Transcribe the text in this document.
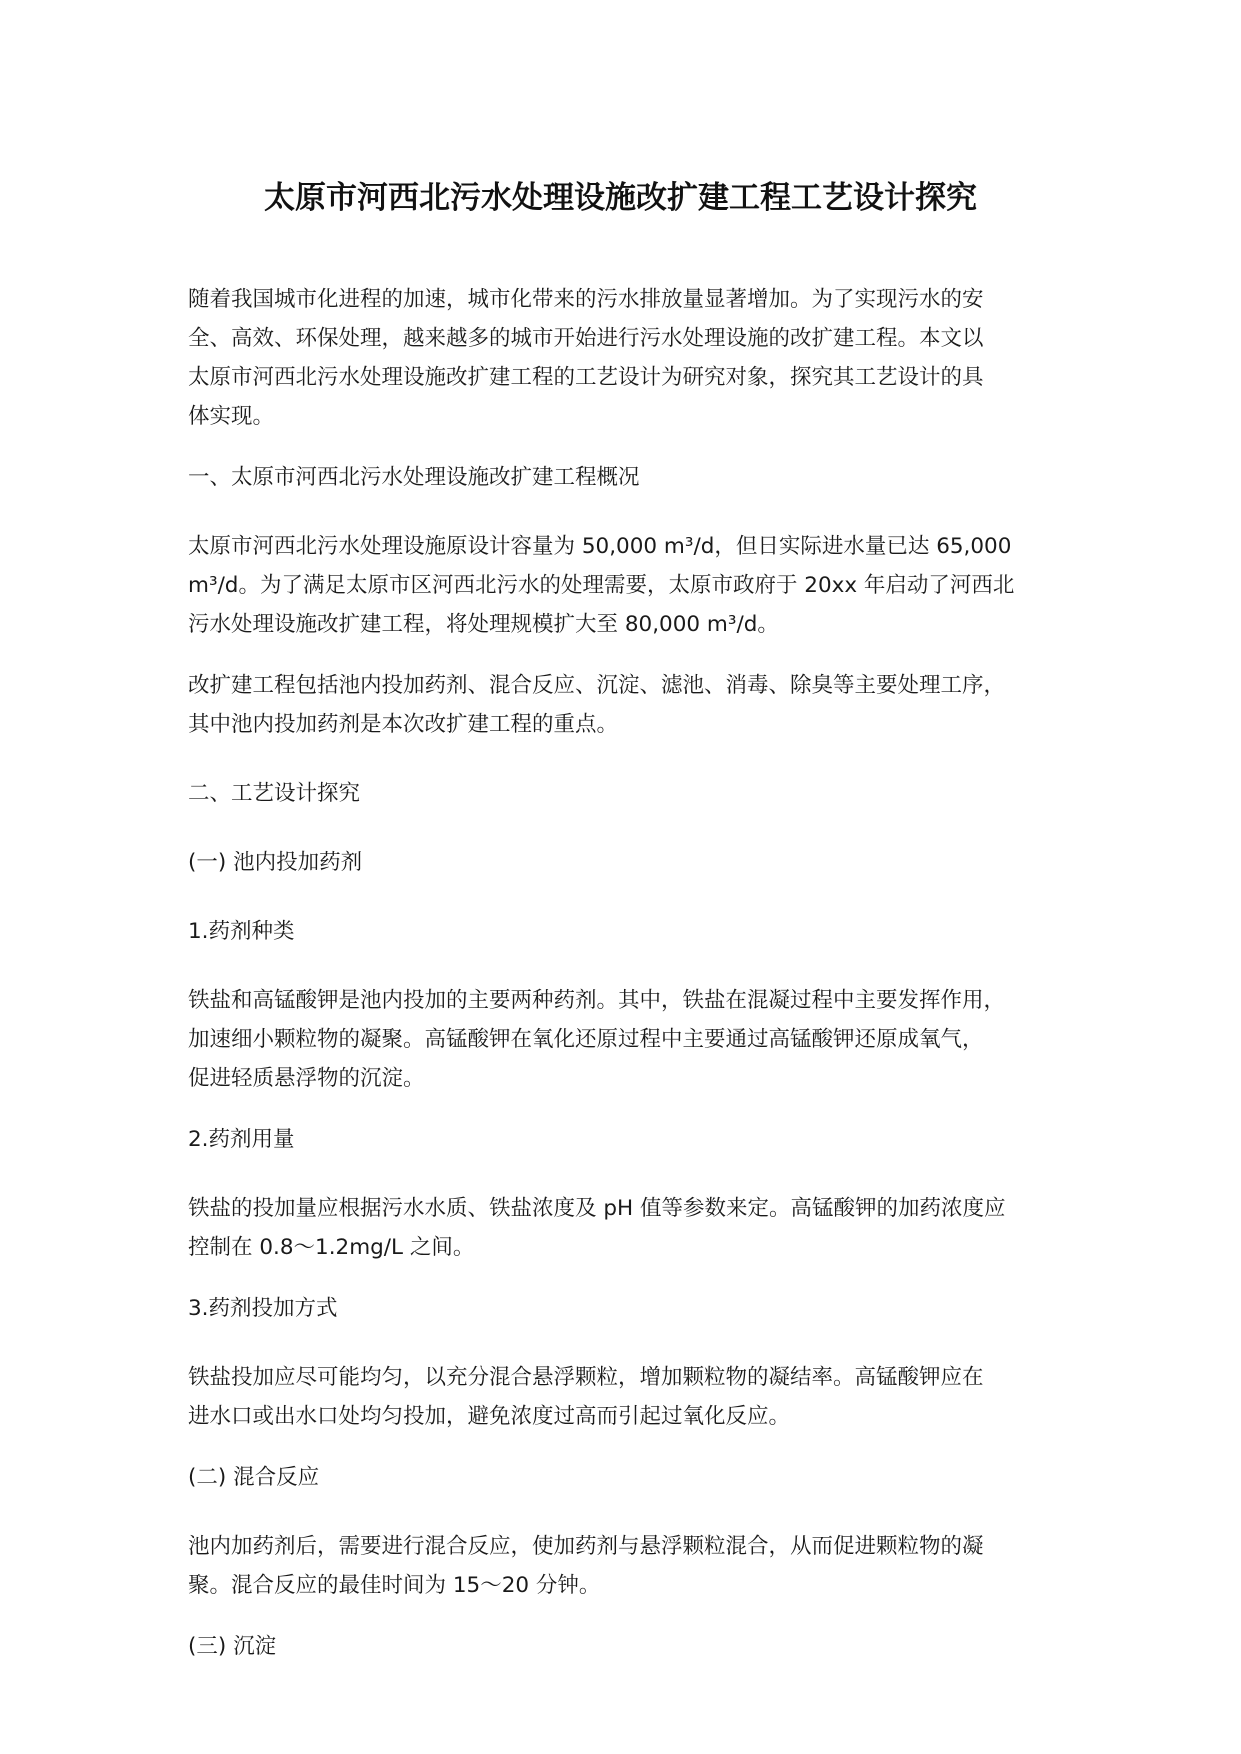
太原市河西北污水处理设施改扩建工程工艺设计探究

随着我国城市化进程的加速，城市化带来的污水排放量显著增加。为了实现污水的安
全、高效、环保处理，越来越多的城市开始进行污水处理设施的改扩建工程。本文以
太原市河西北污水处理设施改扩建工程的工艺设计为研究对象，探究其工艺设计的具
体实现。

一、太原市河西北污水处理设施改扩建工程概况

太原市河西北污水处理设施原设计容量为 50,000 m³/d，但日实际进水量已达 65,000
m³/d。为了满足太原市区河西北污水的处理需要，太原市政府于 20xx 年启动了河西北
污水处理设施改扩建工程，将处理规模扩大至 80,000 m³/d。

改扩建工程包括池内投加药剂、混合反应、沉淀、滤池、消毒、除臭等主要处理工序，
其中池内投加药剂是本次改扩建工程的重点。

二、工艺设计探究

(一) 池内投加药剂

1.药剂种类

铁盐和高锰酸钾是池内投加的主要两种药剂。其中，铁盐在混凝过程中主要发挥作用，
加速细小颗粒物的凝聚。高锰酸钾在氧化还原过程中主要通过高锰酸钾还原成氧气，
促进轻质悬浮物的沉淀。

2.药剂用量

铁盐的投加量应根据污水水质、铁盐浓度及 pH 值等参数来定。高锰酸钾的加药浓度应
控制在 0.8～1.2mg/L 之间。

3.药剂投加方式

铁盐投加应尽可能均匀，以充分混合悬浮颗粒，增加颗粒物的凝结率。高锰酸钾应在
进水口或出水口处均匀投加，避免浓度过高而引起过氧化反应。

(二) 混合反应

池内加药剂后，需要进行混合反应，使加药剂与悬浮颗粒混合，从而促进颗粒物的凝
聚。混合反应的最佳时间为 15～20 分钟。

(三) 沉淀
